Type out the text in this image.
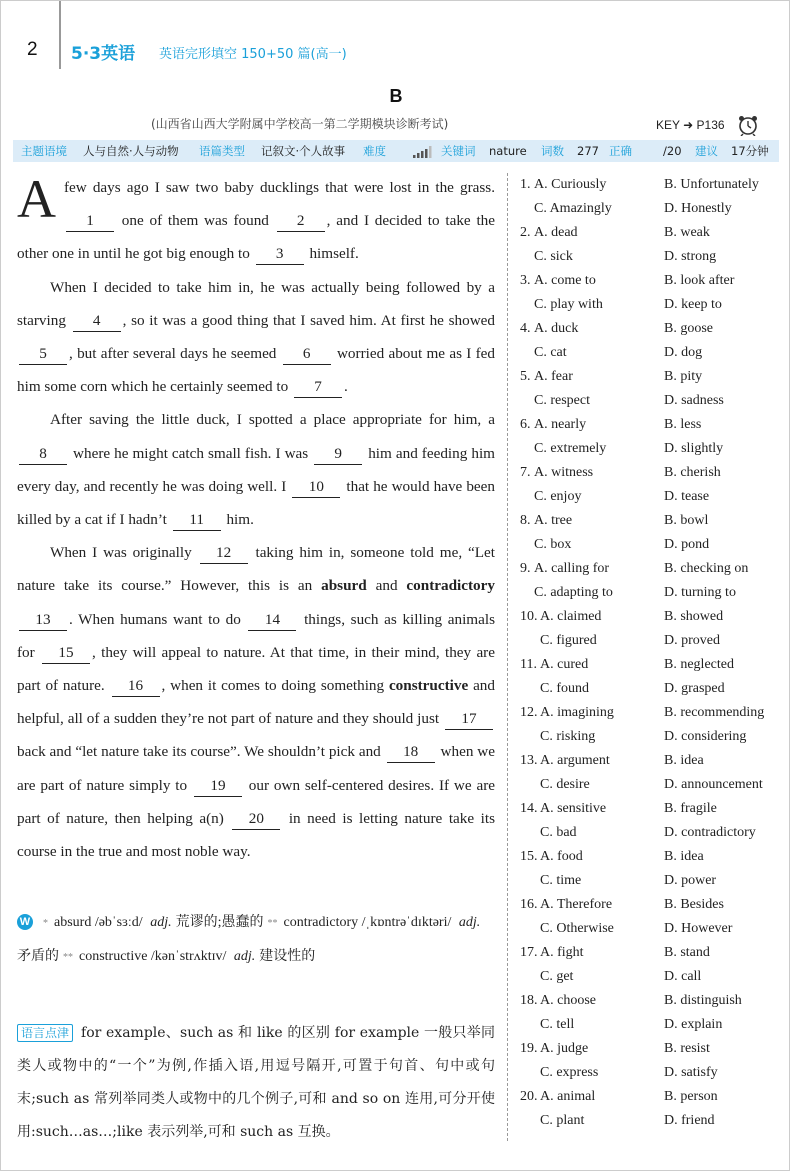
2 5·3英语 英语完形填空 150+50 篇(高一)
B
(山西省山西大学附属中学校高一第二学期模块诊断考试)	KEY ➜ P136
主题语境 人与自然·人与动物 语篇类型 记叙文·个人故事 难度	关键词 nature 词数 277 正确	/20 建议 17分钟

A few days ago I saw two baby ducklings that were lost in the grass. 1 one of them was found 2 , and I decided to take the other one in until he got big enough to 3 himself.

When I decided to take him in, he was actually being followed by a starving 4 , so it was a good thing that I saved him. At first he showed 5 , but after several days he seemed 6 worried about me as I fed him some corn which he certainly seemed to 7 .

After saving the little duck, I spotted a place appropriate for him, a 8 where he might catch small fish. I was 9 him and feeding him every day, and recently he was doing well. I 10 that he would have been killed by a cat if I hadn’t 11 him.

When I was originally 12 taking him in, someone told me, “Let nature take its course.” However, this is an absurd and contradictory 13 . When humans want to do 14 things, such as killing animals for 15 , they will appeal to nature. At that time, in their mind, they are part of nature. 16 , when it comes to doing something constructive and helpful, all of a sudden they’re not part of nature and they should just 17 back and “let nature take its course”. We shouldn’t pick and 18 when we are part of nature simply to 19 our own self-centered desires. If we are part of nature, then helping a(n) 20 in need is letting nature take its course in the true and most noble way.

W * absurd /əbˈsɜːd/ adj. 荒谬的;愚蠢的 ** contradictory /ˌkɒntrəˈdɪktəri/ adj.矛盾的 ** constructive /kənˈstrʌktɪv/ adj. 建设性的
语言点津 for example、such as 和 like 的区别 for example 一般只举同类人或物中的“一个”为例,作插入语,用逗号隔开,可置于句首、句中或句末;such as 常列举同类人或物中的几个例子,可和 and so on 连用,可分开使用:such…as…;like 表示列举,可和 such as 互换。
1. A. Curiously	B. Unfortunately
C. Amazingly	D. Honestly
2. A. dead	B. weak
C. sick	D. strong
3. A. come to	B. look after
C. play with	D. keep to
4. A. duck	B. goose
C. cat	D. dog
5. A. fear	B. pity
C. respect	D. sadness
6. A. nearly	B. less
C. extremely	D. slightly
7. A. witness	B. cherish
C. enjoy	D. tease
8. A. tree	B. bowl
C. box	D. pond
9. A. calling for	B. checking on
C. adapting to	D. turning to
10. A. claimed	B. showed
C. figured	D. proved
11. A. cured	B. neglected
C. found	D. grasped
12. A. imagining	B. recommending
C. risking	D. considering
13. A. argument	B. idea
C. desire	D. announcement
14. A. sensitive	B. fragile
C. bad	D. contradictory
15. A. food	B. idea
C. time	D. power
16. A. Therefore	B. Besides
C. Otherwise	D. However
17. A. fight	B. stand
C. get	D. call
18. A. choose	B. distinguish
C. tell	D. explain
19. A. judge	B. resist
C. express	D. satisfy
20. A. animal	B. person
C. plant	D. friend
